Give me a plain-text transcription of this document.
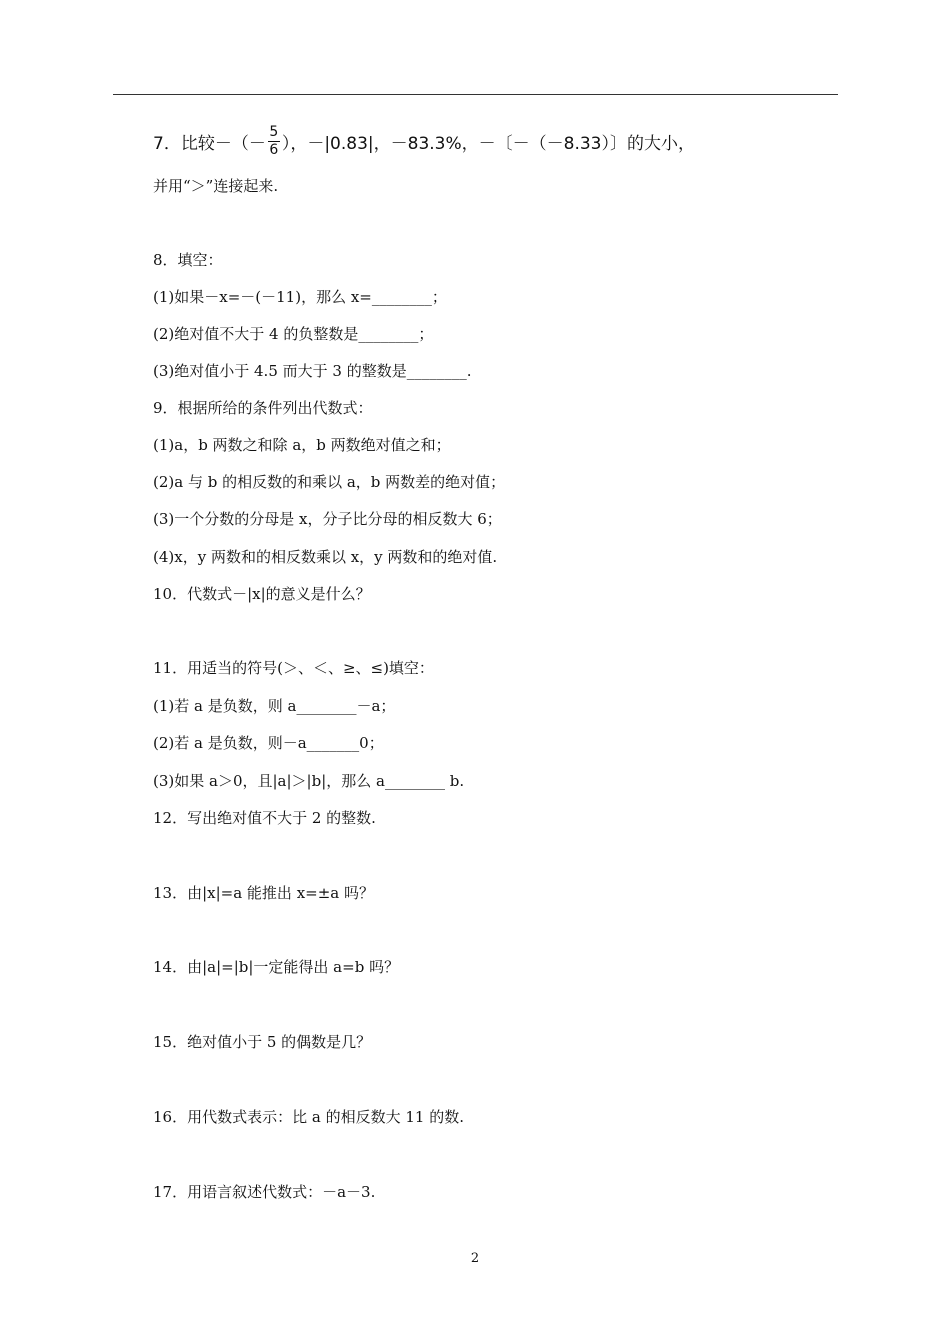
7．比较－（－ $\frac{5}{6}$ ），－|0.83|，－83.3%，－〔－（－8.33）〕的大小，
并用“＞”连接起来.
8．填空：
(1)如果－x=－(－11)，那么 x=________；
(2)绝对值不大于 4 的负整数是________；
(3)绝对值小于 4.5 而大于 3 的整数是________.
9．根据所给的条件列出代数式：
(1)a，b 两数之和除 a，b 两数绝对值之和；
(2)a 与 b 的相反数的和乘以 a，b 两数差的绝对值；
(3)一个分数的分母是 x，分子比分母的相反数大 6；
(4)x，y 两数和的相反数乘以 x，y 两数和的绝对值.
10．代数式－|x|的意义是什么？
11．用适当的符号(＞、＜、≥、≤)填空：
(1)若 a 是负数，则 a________－a；
(2)若 a 是负数，则－a_______0；
(3)如果 a＞0，且|a|＞|b|，那么 a________ b.
12．写出绝对值不大于 2 的整数.
13．由|x|=a 能推出 x=±a 吗？
14．由|a|=|b|一定能得出 a=b 吗？
15．绝对值小于 5 的偶数是几？
16．用代数式表示：比 a 的相反数大 11 的数.
17．用语言叙述代数式：－a－3.
2
